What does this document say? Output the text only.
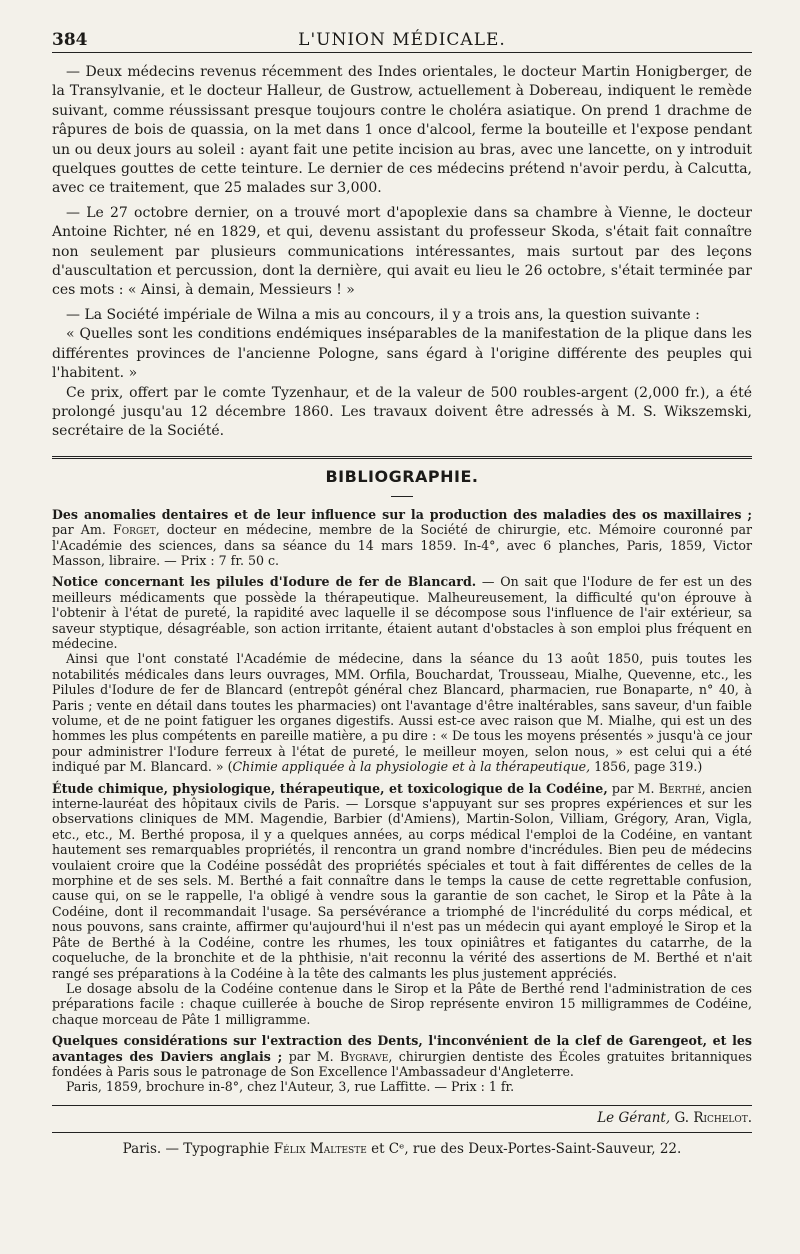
384	L'UNION MÉDICALE.

— Deux médecins revenus récemment des Indes orientales, le docteur Martin Honigberger, de la Transylvanie, et le docteur Halleur, de Gustrow, actuellement à Dobereau, indiquent le remède suivant, comme réussissant presque toujours contre le choléra asiatique. On prend 1 drachme de râpures de bois de quassia, on la met dans 1 once d'alcool, ferme la bouteille et l'expose pendant un ou deux jours au soleil : ayant fait une petite incision au bras, avec une lancette, on y introduit quelques gouttes de cette teinture. Le dernier de ces médecins prétend n'avoir perdu, à Calcutta, avec ce traitement, que 25 malades sur 3,000.

— Le 27 octobre dernier, on a trouvé mort d'apoplexie dans sa chambre à Vienne, le docteur Antoine Richter, né en 1829, et qui, devenu assistant du professeur Skoda, s'était fait connaître non seulement par plusieurs communications intéressantes, mais surtout par des leçons d'auscultation et percussion, dont la dernière, qui avait eu lieu le 26 octobre, s'était terminée par ces mots : « Ainsi, à demain, Messieurs ! »

— La Société impériale de Wilna a mis au concours, il y a trois ans, la question suivante :

« Quelles sont les conditions endémiques inséparables de la manifestation de la plique dans les différentes provinces de l'ancienne Pologne, sans égard à l'origine différente des peuples qui l'habitent. »

Ce prix, offert par le comte Tyzenhaur, et de la valeur de 500 roubles-argent (2,000 fr.), a été prolongé jusqu'au 12 décembre 1860. Les travaux doivent être adressés à M. S. Wikszemski, secrétaire de la Société.

BIBLIOGRAPHIE.

Des anomalies dentaires et de leur influence sur la production des maladies des os maxillaires ; par Am. Forget, docteur en médecine, membre de la Société de chirurgie, etc. Mémoire couronné par l'Académie des sciences, dans sa séance du 14 mars 1859. In-4°, avec 6 planches, Paris, 1859, Victor Masson, libraire. — Prix : 7 fr. 50 c.

Notice concernant les pilules d'Iodure de fer de Blancard. — On sait que l'Iodure de fer est un des meilleurs médicaments que possède la thérapeutique. Malheureusement, la difficulté qu'on éprouve à l'obtenir à l'état de pureté, la rapidité avec laquelle il se décompose sous l'influence de l'air extérieur, sa saveur styptique, désagréable, son action irritante, étaient autant d'obstacles à son emploi plus fréquent en médecine.

Ainsi que l'ont constaté l'Académie de médecine, dans la séance du 13 août 1850, puis toutes les notabilités médicales dans leurs ouvrages, MM. Orfila, Bouchardat, Trousseau, Mialhe, Quevenne, etc., les Pilules d'Iodure de fer de Blancard (entrepôt général chez Blancard, pharmacien, rue Bonaparte, n° 40, à Paris ; vente en détail dans toutes les pharmacies) ont l'avantage d'être inaltérables, sans saveur, d'un faible volume, et de ne point fatiguer les organes digestifs. Aussi est-ce avec raison que M. Mialhe, qui est un des hommes les plus compétents en pareille matière, a pu dire : « De tous les moyens présentés » jusqu'à ce jour pour administrer l'Iodure ferreux à l'état de pureté, le meilleur moyen, selon nous, » est celui qui a été indiqué par M. Blancard. » (Chimie appliquée à la physiologie et à la thérapeutique, 1856, page 319.)

Étude chimique, physiologique, thérapeutique, et toxicologique de la Codéine, par M. Berthé, ancien interne-lauréat des hôpitaux civils de Paris. — Lorsque s'appuyant sur ses propres expériences et sur les observations cliniques de MM. Magendie, Barbier (d'Amiens), Martin-Solon, Villiam, Grégory, Aran, Vigla, etc., etc., M. Berthé proposa, il y a quelques années, au corps médical l'emploi de la Codéine, en vantant hautement ses remarquables propriétés, il rencontra un grand nombre d'incrédules. Bien peu de médecins voulaient croire que la Codéine possédât des propriétés spéciales et tout à fait différentes de celles de la morphine et de ses sels. M. Berthé a fait connaître dans le temps la cause de cette regrettable confusion, cause qui, on se le rappelle, l'a obligé à vendre sous la garantie de son cachet, le Sirop et la Pâte à la Codéine, dont il recommandait l'usage. Sa persévérance a triomphé de l'incrédulité du corps médical, et nous pouvons, sans crainte, affirmer qu'aujourd'hui il n'est pas un médecin qui ayant employé le Sirop et la Pâte de Berthé à la Codéine, contre les rhumes, les toux opiniâtres et fatigantes du catarrhe, de la coqueluche, de la bronchite et de la phthisie, n'ait reconnu la vérité des assertions de M. Berthé et n'ait rangé ses préparations à la Codéine à la tête des calmants les plus justement appréciés.

Le dosage absolu de la Codéine contenue dans le Sirop et la Pâte de Berthé rend l'administration de ces préparations facile : chaque cuillerée à bouche de Sirop représente environ 15 milligrammes de Codéine, chaque morceau de Pâte 1 milligramme.

Quelques considérations sur l'extraction des Dents, l'inconvénient de la clef de Garengeot, et les avantages des Daviers anglais ; par M. Bygrave, chirurgien dentiste des Écoles gratuites britanniques fondées à Paris sous le patronage de Son Excellence l'Ambassadeur d'Angleterre.

Paris, 1859, brochure in-8°, chez l'Auteur, 3, rue Laffitte. — Prix : 1 fr.

Le Gérant, G. Richelot.
Paris. — Typographie Félix Malteste et Cᵉ, rue des Deux-Portes-Saint-Sauveur, 22.
